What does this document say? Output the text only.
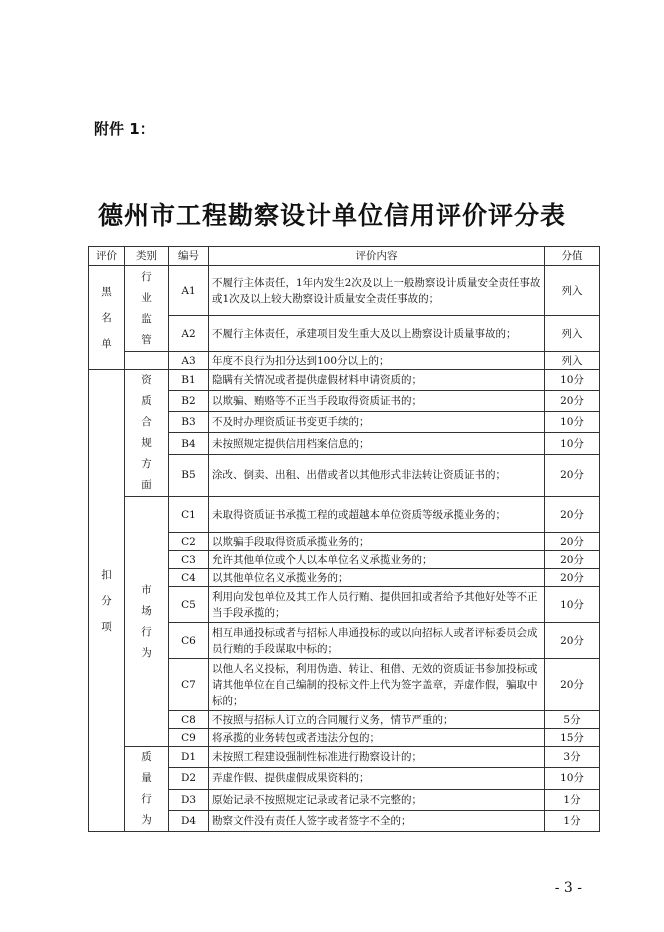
附件 1：
德州市工程勘察设计单位信用评价评分表
评价	类别	编号	评价内容	分值
黑名单	行业监管	A1	不履行主体责任，1年内发生2次及以上一般勘察设计质量安全责任事故或1次及以上较大勘察设计质量安全责任事故的；	列入
		A2	不履行主体责任，承建项目发生重大及以上勘察设计质量事故的；	列入
		A3	年度不良行为扣分达到100分以上的；	列入
扣分项	资质合规方面	B1	隐瞒有关情况或者提供虚假材料申请资质的；	10分
		B2	以欺骗、贿赂等不正当手段取得资质证书的；	20分
		B3	不及时办理资质证书变更手续的；	10分
		B4	未按照规定提供信用档案信息的；	10分
		B5	涂改、倒卖、出租、出借或者以其他形式非法转让资质证书的；	20分
	市场行为	C1	未取得资质证书承揽工程的或超越本单位资质等级承揽业务的；	20分
		C2	以欺骗手段取得资质承揽业务的；	20分
		C3	允许其他单位或个人以本单位名义承揽业务的；	20分
		C4	以其他单位名义承揽业务的；	20分
		C5	利用向发包单位及其工作人员行贿、提供回扣或者给予其他好处等不正当手段承揽的；	10分
		C6	相互串通投标或者与招标人串通投标的或以向招标人或者评标委员会成员行贿的手段谋取中标的；	20分
		C7	以他人名义投标，利用伪造、转让、租借、无效的资质证书参加投标或请其他单位在自己编制的投标文件上代为签字盖章，弄虚作假，骗取中标的；	20分
		C8	不按照与招标人订立的合同履行义务，情节严重的；	5分
		C9	将承揽的业务转包或者违法分包的；	15分
	质量行为	D1	未按照工程建设强制性标准进行勘察设计的；	3分
		D2	弄虚作假、提供虚假成果资料的；	10分
		D3	原始记录不按照规定记录或者记录不完整的；	1分
		D4	勘察文件没有责任人签字或者签字不全的；	1分
- 3 -
